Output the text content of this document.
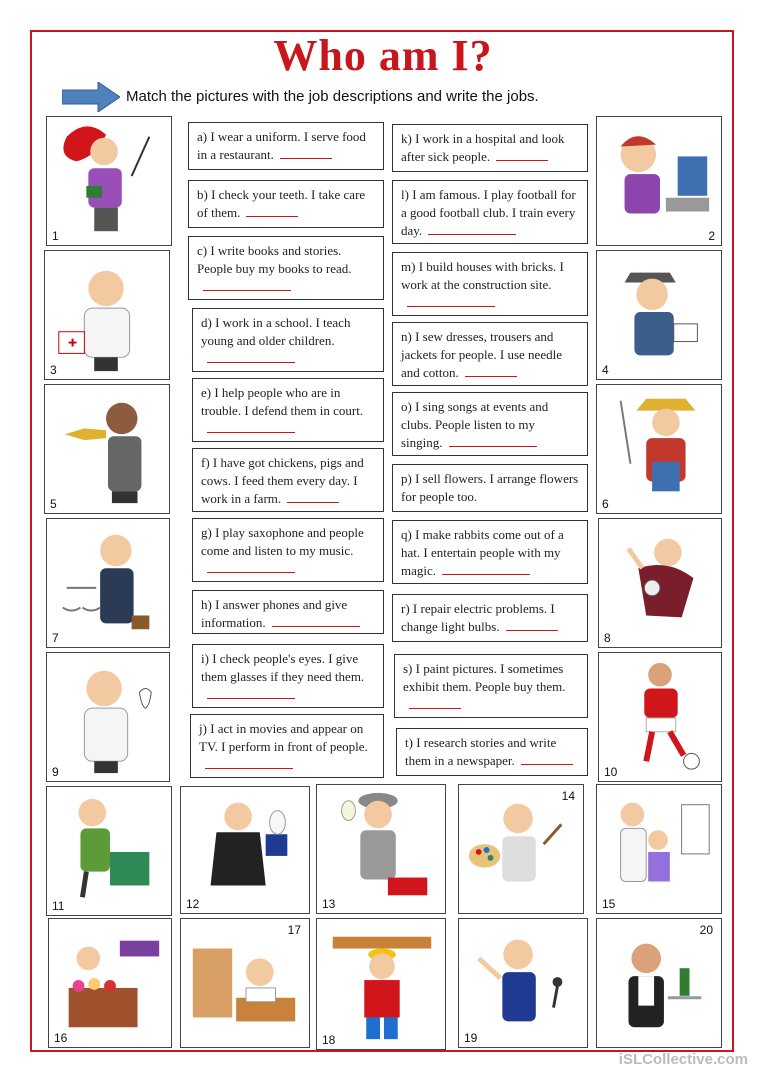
Who am I?
Match the pictures with the job descriptions and write the jobs.
a) I wear a uniform. I serve food in a restaurant.
b) I check your teeth. I take care of them.
c) I write books and stories. People buy my books to read.
d) I work in a school. I teach young and older children.
e) I help people who are in trouble. I defend them in court.
f) I have got chickens, pigs and cows. I feed them every day. I work in a farm.
g) I play saxophone and people come and listen to my music.
h) I answer phones and give information.
i) I check people's eyes. I give them glasses if they need them.
j) I act in movies and appear on TV. I perform in front of people.
k) I work in a hospital and look after sick people.
l) I am famous. I play football for a good football club. I train every day.
m) I build houses with bricks. I work at the construction site.
n) I sew dresses, trousers and jackets for people. I use needle and cotton.
o) I sing songs at events and clubs. People listen to my singing.
p) I sell flowers. I arrange flowers for people too.
q) I make rabbits come out of a hat. I entertain people with my magic.
r) I repair electric problems. I change light bulbs.
s) I paint pictures. I sometimes exhibit them. People buy them.
t) I research stories and write them in a newspaper.
1
3
5
7
9
2
4
6
8
10
11	12	13
14
15
16
17
18	19
20
iSLCollective.com
